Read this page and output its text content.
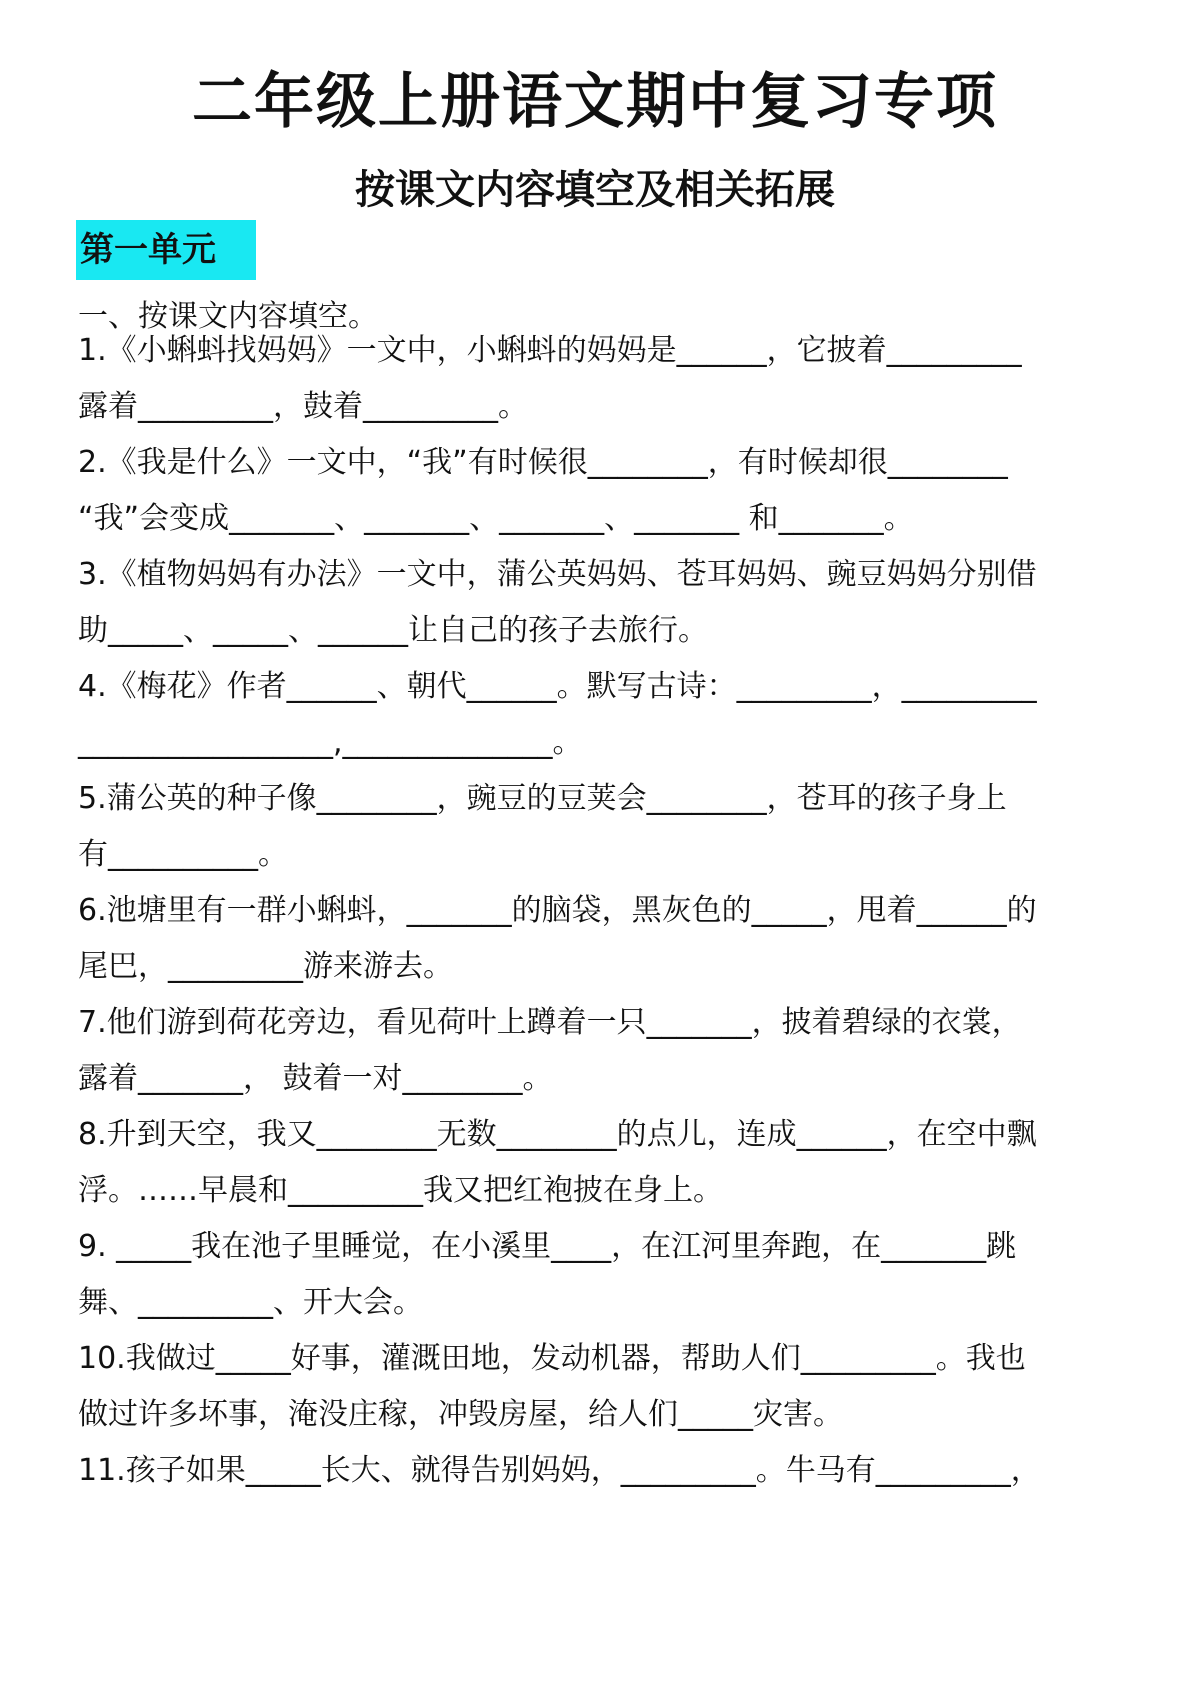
二年级上册语文期中复习专项
按课文内容填空及相关拓展
第一单元
一、按课文内容填空。
1.《小蝌蚪找妈妈》一文中，小蝌蚪的妈妈是______，它披着_________
露着_________，鼓着_________。
2.《我是什么》一文中，“我”有时候很________，有时候却很________
“我”会变成_______、_______、_______、_______ 和_______。
3.《植物妈妈有办法》一文中，蒲公英妈妈、苍耳妈妈、豌豆妈妈分别借
助_____、_____、______让自己的孩子去旅行。
4.《梅花》作者______、朝代______。默写古诗：_________，_________
_________________,______________。
5.蒲公英的种子像________，豌豆的豆荚会________，苍耳的孩子身上
有__________。
6.池塘里有一群小蝌蚪，_______的脑袋，黑灰色的_____，甩着______的
尾巴，_________游来游去。
7.他们游到荷花旁边，看见荷叶上蹲着一只_______，披着碧绿的衣裳，
露着_______， 鼓着一对________。
8.升到天空，我又________无数________的点儿，连成______，在空中飘
浮。……早晨和_________我又把红袍披在身上。
9. _____我在池子里睡觉，在小溪里____，在江河里奔跑，在_______跳
舞、_________、开大会。
10.我做过_____好事，灌溉田地，发动机器，帮助人们_________。我也
做过许多坏事，淹没庄稼，冲毁房屋，给人们_____灾害。
11.孩子如果_____长大、就得告别妈妈，_________。牛马有_________，
